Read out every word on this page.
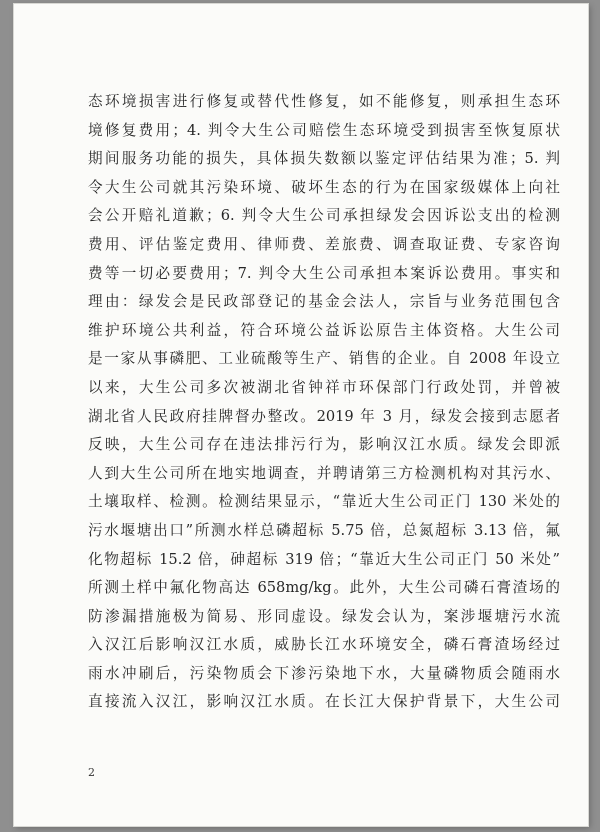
态环境损害进行修复或替代性修复，如不能修复，则承担生态环
境修复费用；4. 判令大生公司赔偿生态环境受到损害至恢复原状
期间服务功能的损失，具体损失数额以鉴定评估结果为准；5. 判
令大生公司就其污染环境、破坏生态的行为在国家级媒体上向社
会公开赔礼道歉；6. 判令大生公司承担绿发会因诉讼支出的检测
费用、评估鉴定费用、律师费、差旅费、调查取证费、专家咨询
费等一切必要费用；7. 判令大生公司承担本案诉讼费用。事实和
理由：绿发会是民政部登记的基金会法人，宗旨与业务范围包含
维护环境公共利益，符合环境公益诉讼原告主体资格。大生公司
是一家从事磷肥、工业硫酸等生产、销售的企业。自 2008 年设立
以来，大生公司多次被湖北省钟祥市环保部门行政处罚，并曾被
湖北省人民政府挂牌督办整改。2019 年 3 月，绿发会接到志愿者
反映，大生公司存在违法排污行为，影响汉江水质。绿发会即派
人到大生公司所在地实地调查，并聘请第三方检测机构对其污水、
土壤取样、检测。检测结果显示，“靠近大生公司正门 130 米处的
污水堰塘出口”所测水样总磷超标 5.75 倍，总氮超标 3.13 倍，氟
化物超标 15.2 倍，砷超标 319 倍；“靠近大生公司正门 50 米处”
所测土样中氟化物高达 658mg/kg。此外，大生公司磷石膏渣场的
防渗漏措施极为简易、形同虚设。绿发会认为，案涉堰塘污水流
入汉江后影响汉江水质，威胁长江水环境安全，磷石膏渣场经过
雨水冲刷后，污染物质会下渗污染地下水，大量磷物质会随雨水
直接流入汉江，影响汉江水质。在长江大保护背景下，大生公司
2
